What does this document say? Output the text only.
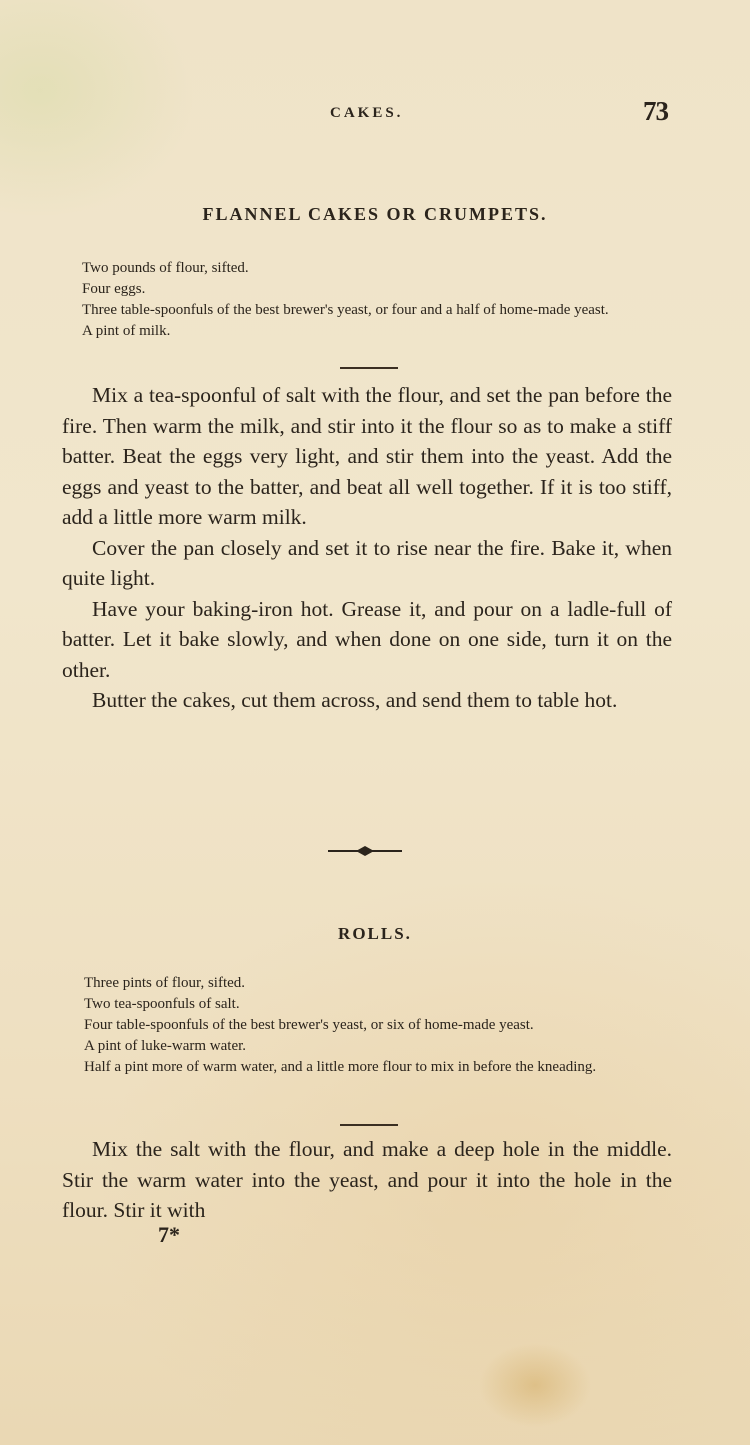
CAKES.	73
FLANNEL CAKES OR CRUMPETS.
Two pounds of flour, sifted.
Four eggs.
Three table-spoonfuls of the best brewer's yeast, or four and a half of home-made yeast.
A pint of milk.

Mix a tea-spoonful of salt with the flour, and set the pan before the fire. Then warm the milk, and stir into it the flour so as to make a stiff batter. Beat the eggs very light, and stir them into the yeast. Add the eggs and yeast to the batter, and beat all well together. If it is too stiff, add a little more warm milk.

Cover the pan closely and set it to rise near the fire. Bake it, when quite light.

Have your baking-iron hot. Grease it, and pour on a ladle-full of batter. Let it bake slowly, and when done on one side, turn it on the other.

Butter the cakes, cut them across, and send them to table hot.

ROLLS.
Three pints of flour, sifted.
Two tea-spoonfuls of salt.
Four table-spoonfuls of the best brewer's yeast, or six of home-made yeast.
A pint of luke-warm water.
Half a pint more of warm water, and a little more flour to mix in before the kneading.

Mix the salt with the flour, and make a deep hole in the middle. Stir the warm water into the yeast, and pour it into the hole in the flour. Stir it with

7*
